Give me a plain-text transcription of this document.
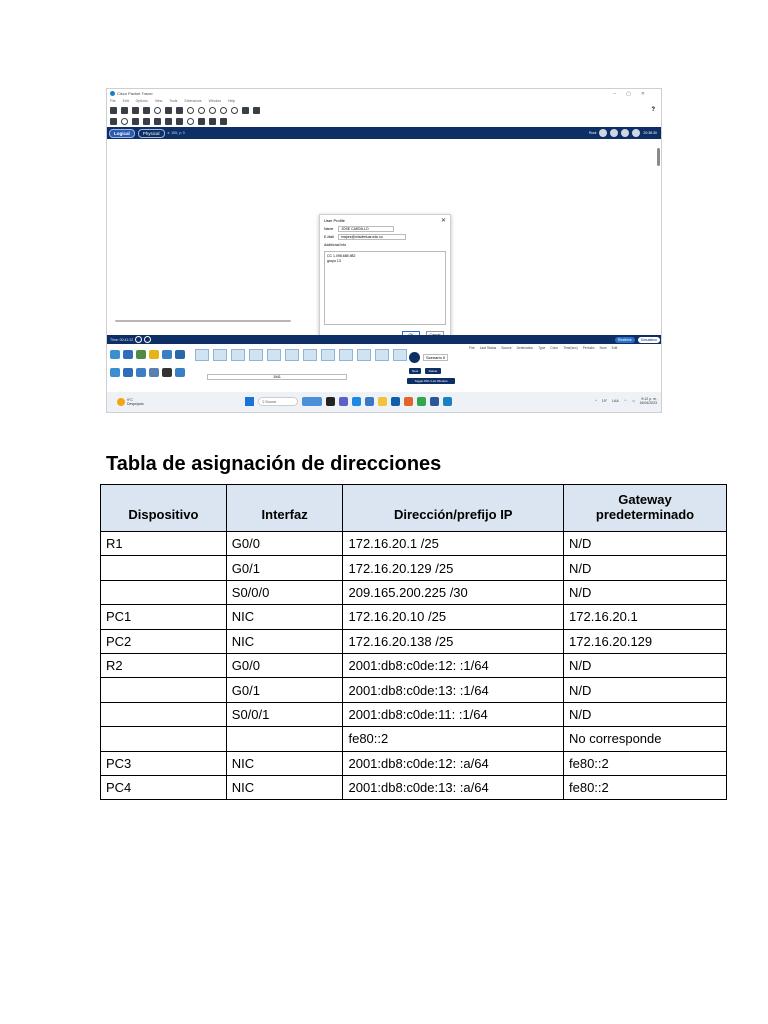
Cisco Packet Tracer	–▢✕
File Edit Options View Tools Extensions Window Help
?
Logical	Physical	x: 155, y: 0	Root	20:38:30
User Profile	✕
Name	JOSE CARDILLO
E-Mail	mapez@misdirrtuar.edu.co
Additional Info
CC 1.098.685.982
grupo 13
Time: 00:41:22	Realtime	Simulation
1941
Scenario 0
New	Delete
Toggle PDU List Window
Fire Last Status Source Destination Type Color Time(sec) Periodic Num Edit
9°C
Despejado
⚲ Buscar	^ 19° LAA ◠ ◁	9:12 p. m.
15/04/2023
Tabla de asignación de direcciones
Dispositivo	Interfaz	Dirección/prefijo IP	Gateway predeterminado
R1	G0/0	172.16.20.1 /25	N/D
	G0/1	172.16.20.129 /25	N/D
	S0/0/0	209.165.200.225 /30	N/D
PC1	NIC	172.16.20.10 /25	172.16.20.1
PC2	NIC	172.16.20.138 /25	172.16.20.129
R2	G0/0	2001:db8:c0de:12: :1/64	N/D
	G0/1	2001:db8:c0de:13: :1/64	N/D
	S0/0/1	2001:db8:c0de:11: :1/64	N/D
		fe80::2	No corresponde
PC3	NIC	2001:db8:c0de:12: :a/64	fe80::2
PC4	NIC	2001:db8:c0de:13: :a/64	fe80::2
